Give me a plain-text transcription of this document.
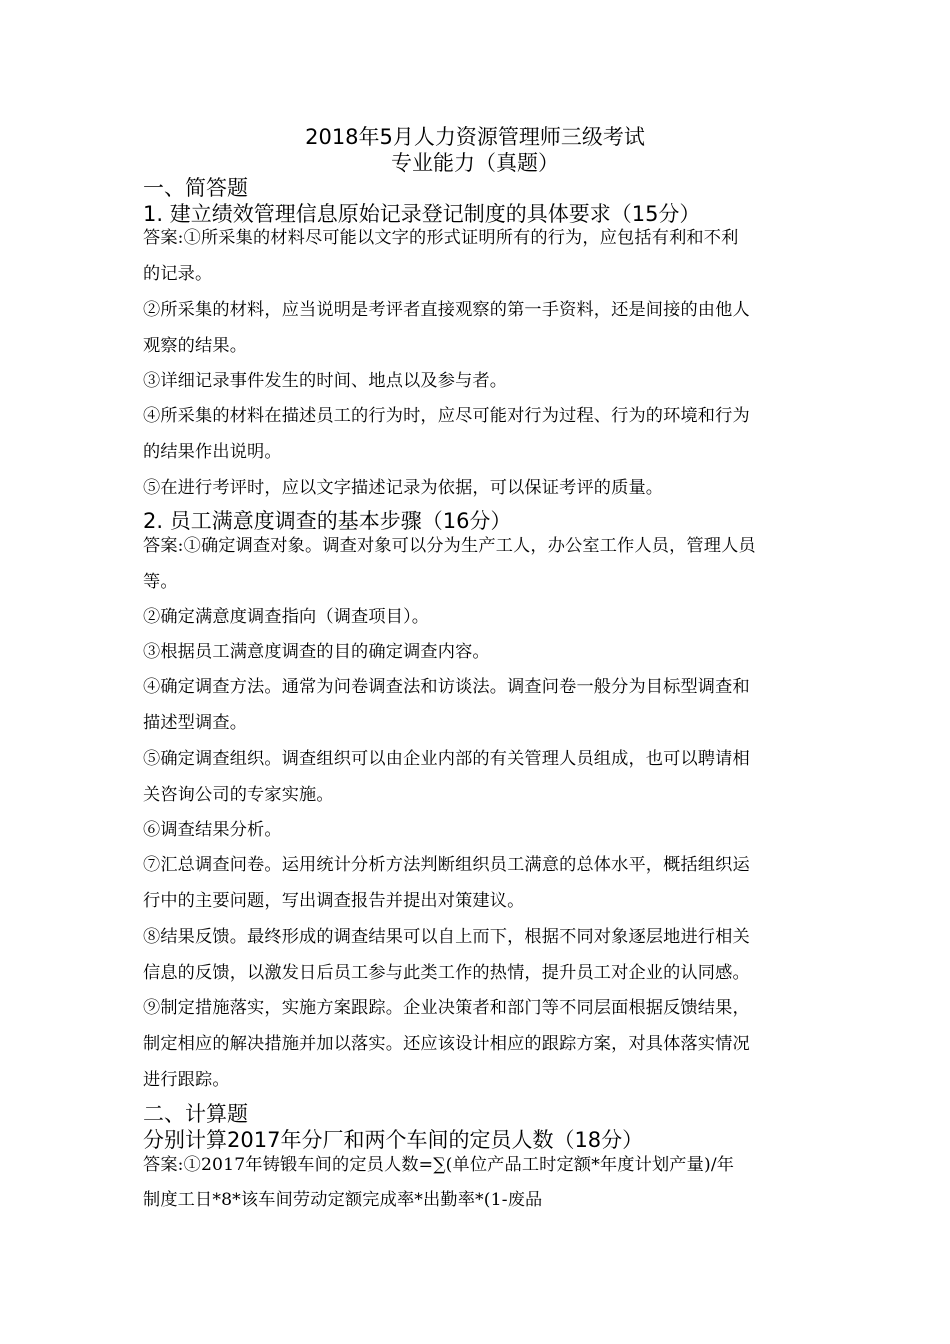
2018年5月人力资源管理师三级考试
专业能力（真题）
一、简答题
1. 建立绩效管理信息原始记录登记制度的具体要求（15分）
答案:①所采集的材料尽可能以文字的形式证明所有的行为，应包括有利和不利
的记录。
②所采集的材料，应当说明是考评者直接观察的第一手资料，还是间接的由他人
观察的结果。
③详细记录事件发生的时间、地点以及参与者。
④所采集的材料在描述员工的行为时，应尽可能对行为过程、行为的环境和行为
的结果作出说明。
⑤在进行考评时，应以文字描述记录为依据，可以保证考评的质量。
2. 员工满意度调查的基本步骤（16分）
答案:①确定调查对象。调查对象可以分为生产工人，办公室工作人员，管理人员
等。
②确定满意度调查指向（调查项目）。
③根据员工满意度调查的目的确定调查内容。
④确定调查方法。通常为问卷调查法和访谈法。调查问卷一般分为目标型调查和
描述型调查。
⑤确定调查组织。调查组织可以由企业内部的有关管理人员组成，也可以聘请相
关咨询公司的专家实施。
⑥调查结果分析。
⑦汇总调查问卷。运用统计分析方法判断组织员工满意的总体水平，概括组织运
行中的主要问题，写出调查报告并提出对策建议。
⑧结果反馈。最终形成的调查结果可以自上而下，根据不同对象逐层地进行相关
信息的反馈，以激发日后员工参与此类工作的热情，提升员工对企业的认同感。
⑨制定措施落实，实施方案跟踪。企业决策者和部门等不同层面根据反馈结果，
制定相应的解决措施并加以落实。还应该设计相应的跟踪方案，对具体落实情况
进行跟踪。
二、计算题
分别计算2017年分厂和两个车间的定员人数（18分）
答案:①2017年铸锻车间的定员人数=∑(单位产品工时定额*年度计划产量)/年
制度工日*8*该车间劳动定额完成率*出勤率*(1-废品
